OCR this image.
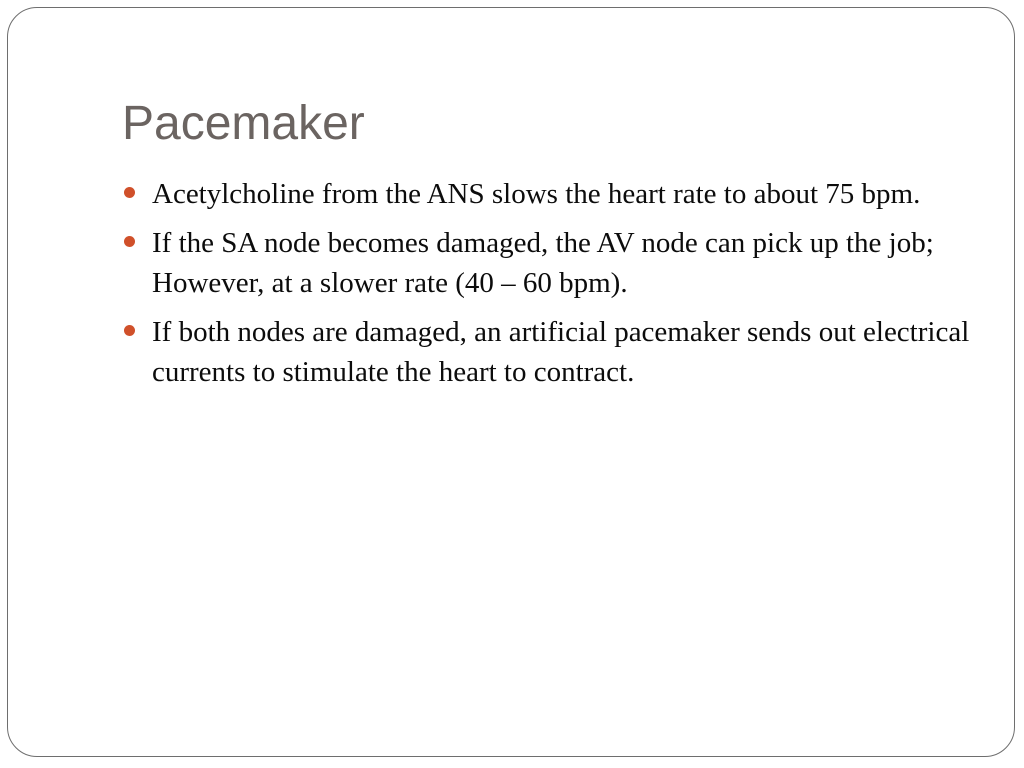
Pacemaker
Acetylcholine from the ANS slows the heart rate to about 75 bpm.
If the SA node becomes damaged, the AV node can pick up the job; However, at a slower rate (40 – 60 bpm).
If both nodes are damaged, an artificial pacemaker sends out electrical currents to stimulate the heart to contract.
